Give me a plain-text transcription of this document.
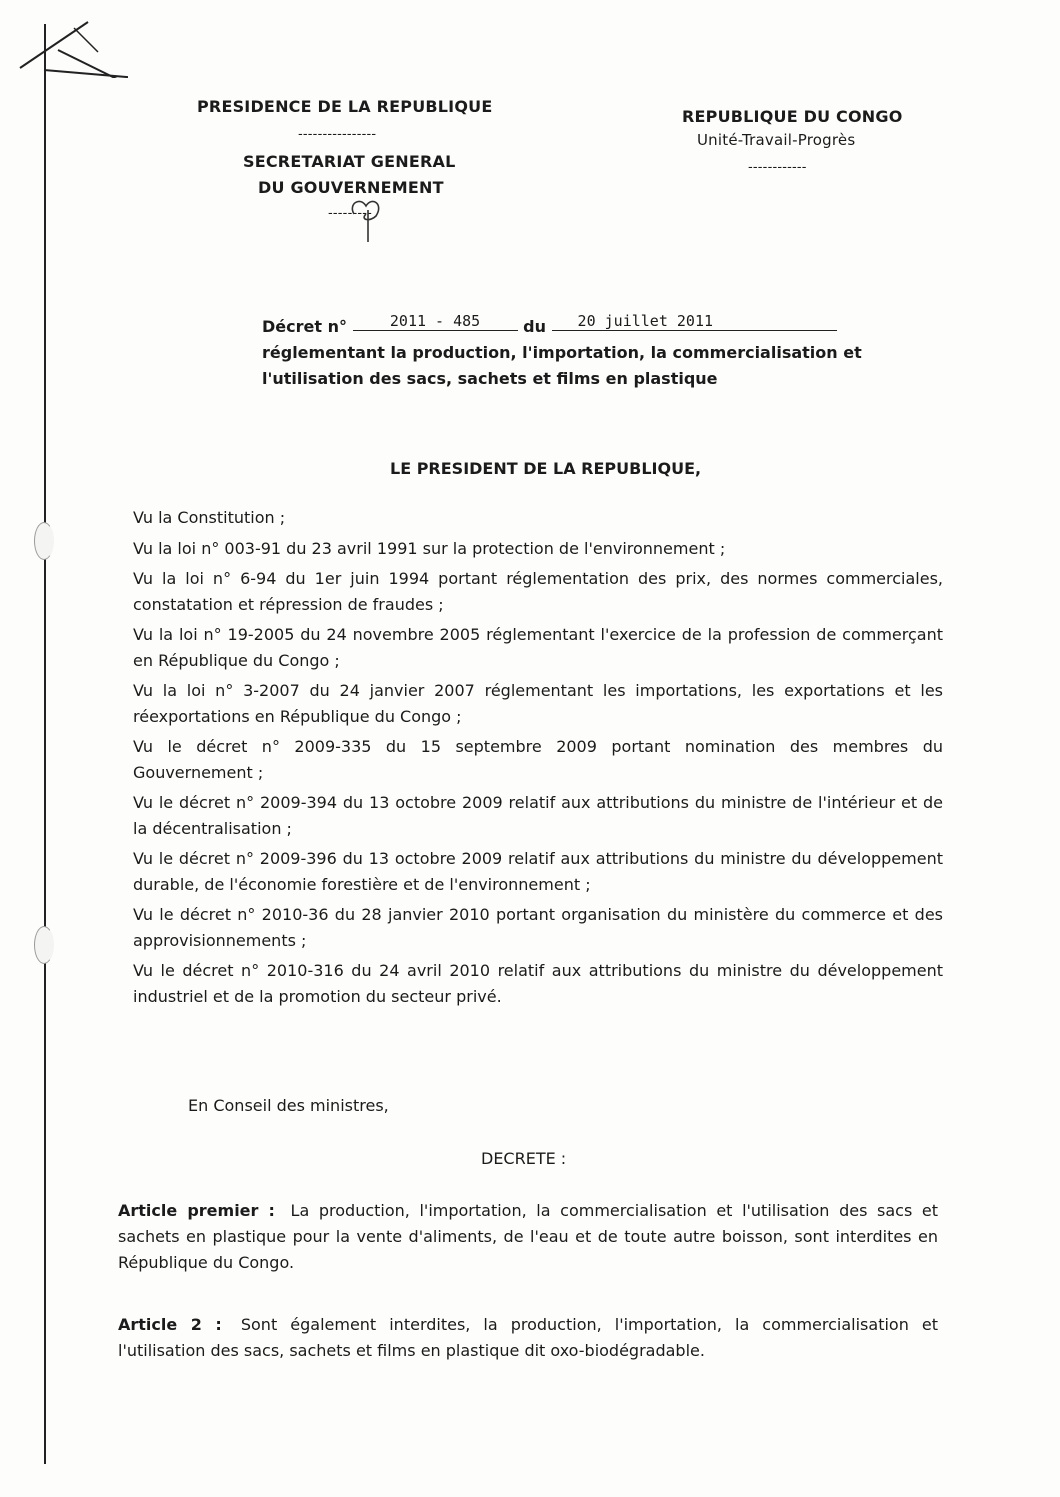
PRESIDENCE DE LA REPUBLIQUE
----------------
SECRETARIAT GENERAL
DU GOUVERNEMENT
---------
REPUBLIQUE DU CONGO
Unité-Travail-Progrès
------------
Décret n°	2011 - 485	du 20 juillet 2011
réglementant la production, l'importation, la commercialisation et l'utilisation des sacs, sachets et films en plastique
LE PRESIDENT DE LA REPUBLIQUE,
Vu la Constitution ;
Vu la loi n° 003-91 du 23 avril 1991 sur la protection de l'environnement ;
Vu la loi n° 6-94 du 1er juin 1994 portant réglementation des prix, des normes commerciales, constatation et répression de fraudes ;
Vu la loi n° 19-2005 du 24 novembre 2005 réglementant l'exercice de la profession de commerçant en République du Congo ;
Vu la loi n° 3-2007 du 24 janvier 2007 réglementant les importations, les exportations et les réexportations en République du Congo ;
Vu le décret n° 2009-335 du 15 septembre 2009 portant nomination des membres du Gouvernement ;
Vu le décret n° 2009-394 du 13 octobre 2009 relatif aux attributions du ministre de l'intérieur et de la décentralisation ;
Vu le décret n° 2009-396 du 13 octobre 2009 relatif aux attributions du ministre du développement durable, de l'économie forestière et de l'environnement ;
Vu le décret n° 2010-36 du 28 janvier 2010 portant organisation du ministère du commerce et des approvisionnements ;
Vu le décret n° 2010-316 du 24 avril 2010 relatif aux attributions du ministre du développement industriel et de la promotion du secteur privé.
En Conseil des ministres,
DECRETE :
Article premier : La production, l'importation, la commercialisation et l'utilisation des sacs et sachets en plastique pour la vente d'aliments, de l'eau et de toute autre boisson, sont interdites en République du Congo.
Article 2 : Sont également interdites, la production, l'importation, la commercialisation et l'utilisation des sacs, sachets et films en plastique dit oxo-biodégradable.
